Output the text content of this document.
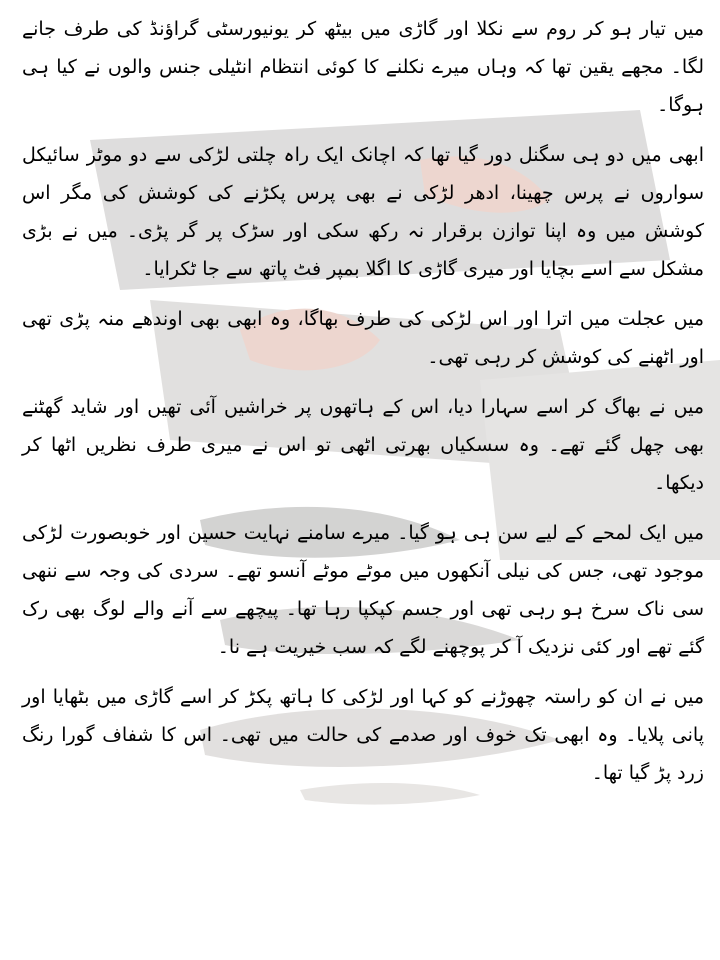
میں تیار ہو کر روم سے نکلا اور گاڑی میں بیٹھ کر یونیورسٹی گراؤنڈ کی طرف جانے لگا۔ مجھے یقین تھا کہ وہاں میرے نکلنے کا کوئی انتظام انٹیلی جنس والوں نے کیا ہی ہوگا۔

ابھی میں دو ہی سگنل دور گیا تھا کہ اچانک ایک راہ چلتی لڑکی سے دو موٹر سائیکل سواروں نے پرس چھینا، ادھر لڑکی نے بھی پرس پکڑنے کی کوشش کی مگر اس کوشش میں وہ اپنا توازن برقرار نہ رکھ سکی اور سڑک پر گر پڑی۔ میں نے بڑی مشکل سے اسے بچایا اور میری گاڑی کا اگلا بمپر فٹ پاتھ سے جا ٹکرایا۔

میں عجلت میں اترا اور اس لڑکی کی طرف بھاگا، وہ ابھی بھی اوندھے منہ پڑی تھی اور اٹھنے کی کوشش کر رہی تھی۔

میں نے بھاگ کر اسے سہارا دیا، اس کے ہاتھوں پر خراشیں آئی تھیں اور شاید گھٹنے بھی چھل گئے تھے۔ وہ سسکیاں بھرتی اٹھی تو اس نے میری طرف نظریں اٹھا کر دیکھا۔

میں ایک لمحے کے لیے سن ہی ہو گیا۔ میرے سامنے نہایت حسین اور خوبصورت لڑکی موجود تھی، جس کی نیلی آنکھوں میں موٹے موٹے آنسو تھے۔ سردی کی وجہ سے ننھی سی ناک سرخ ہو رہی تھی اور جسم کپکپا رہا تھا۔ پیچھے سے آنے والے لوگ بھی رک گئے تھے اور کئی نزدیک آ کر پوچھنے لگے کہ سب خیریت ہے نا۔

میں نے ان کو راستہ چھوڑنے کو کہا اور لڑکی کا ہاتھ پکڑ کر اسے گاڑی میں بٹھایا اور پانی پلایا۔ وہ ابھی تک خوف اور صدمے کی حالت میں تھی۔ اس کا شفاف گورا رنگ زرد پڑ گیا تھا۔
